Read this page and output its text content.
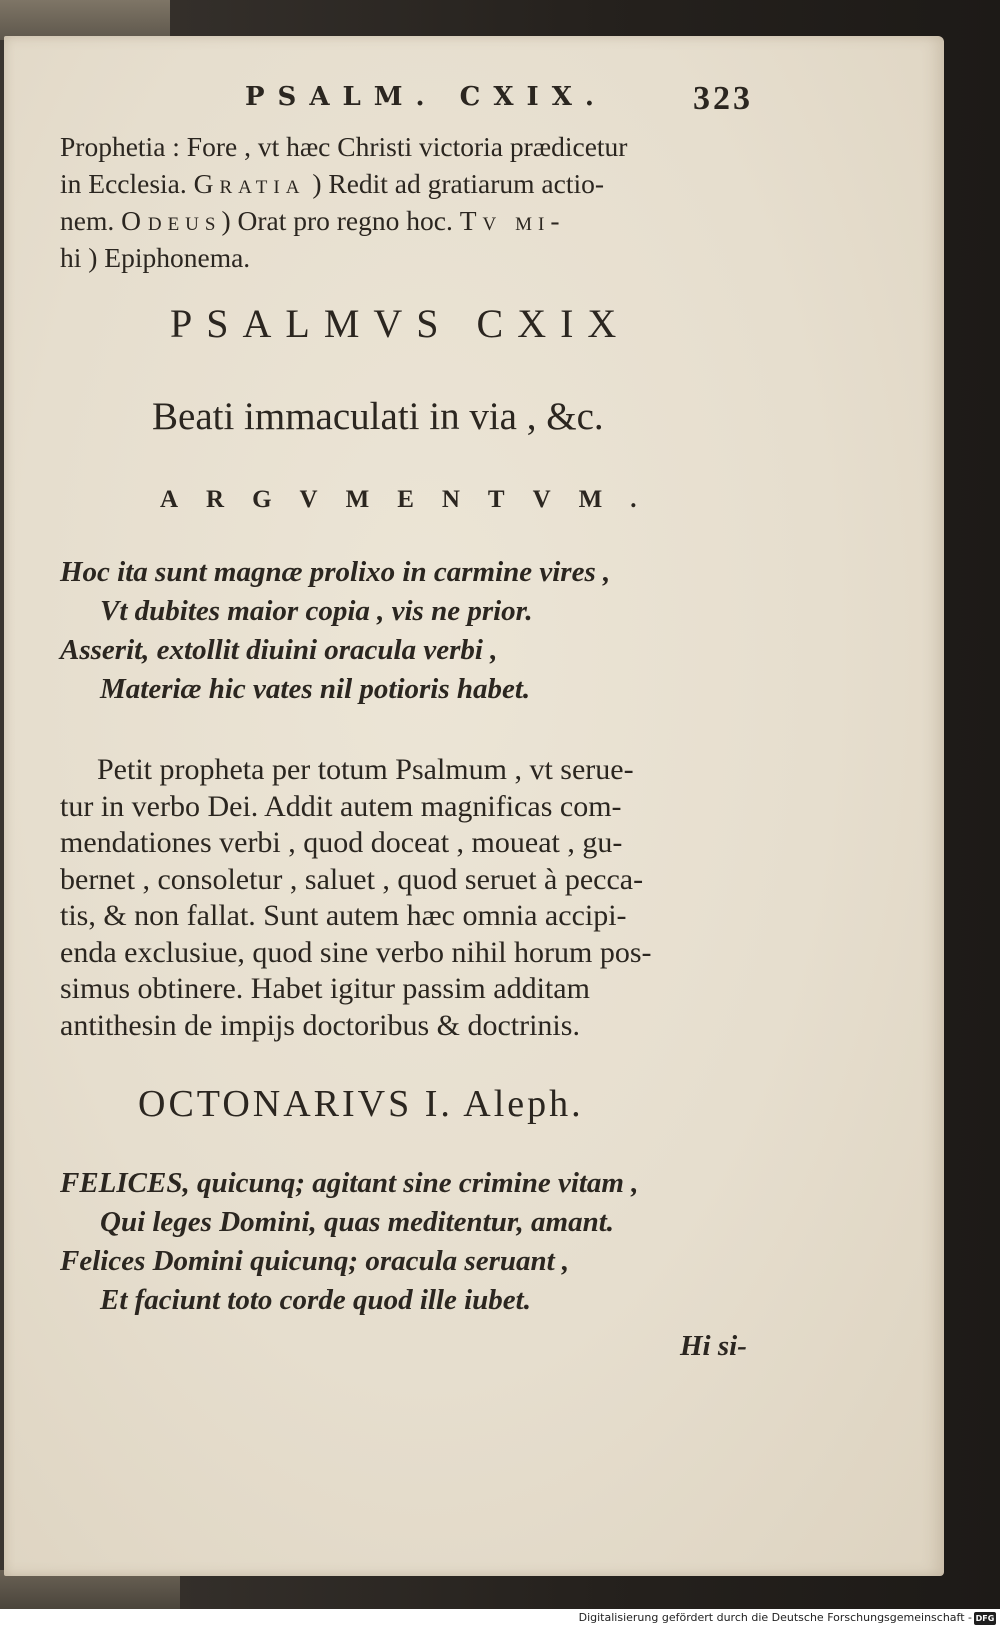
PSALM. CXIX.	323
Prophetia : Fore , vt hæc Christi victoria prædicetur
in Ecclesia. Gratia ) Redit ad gratiarum actio-
nem. O deus) Orat pro regno hoc. Tv mi-
hi ) Epiphonema.
PSALMVS CXIX
Beati immaculati in via , &c.
ARGVMENTVM.
Hoc ita sunt magnæ prolixo in carmine vires ,
Vt dubites maior copia , vis ne prior.
Asserit, extollit diuini oracula verbi ,
Materiæ hic vates nil potioris habet.
Petit propheta per totum Psalmum , vt serue-
tur in verbo Dei. Addit autem magnificas com-
mendationes verbi , quod doceat , moueat , gu-
bernet , consoletur , saluet , quod seruet à pecca-
tis, & non fallat. Sunt autem hæc omnia accipi-
enda exclusiue, quod sine verbo nihil horum pos-
simus obtinere. Habet igitur passim additam
antithesin de impijs doctoribus & doctrinis.
OCTONARIVS I. Aleph.
FELICES, quicunq; agitant sine crimine vitam ,
Qui leges Domini, quas meditentur, amant.
Felices Domini quicunq; oracula seruant ,
Et faciunt toto corde quod ille iubet.
Hi si-
Digitalisierung gefördert durch die Deutsche Forschungsgemeinschaft - DFG
